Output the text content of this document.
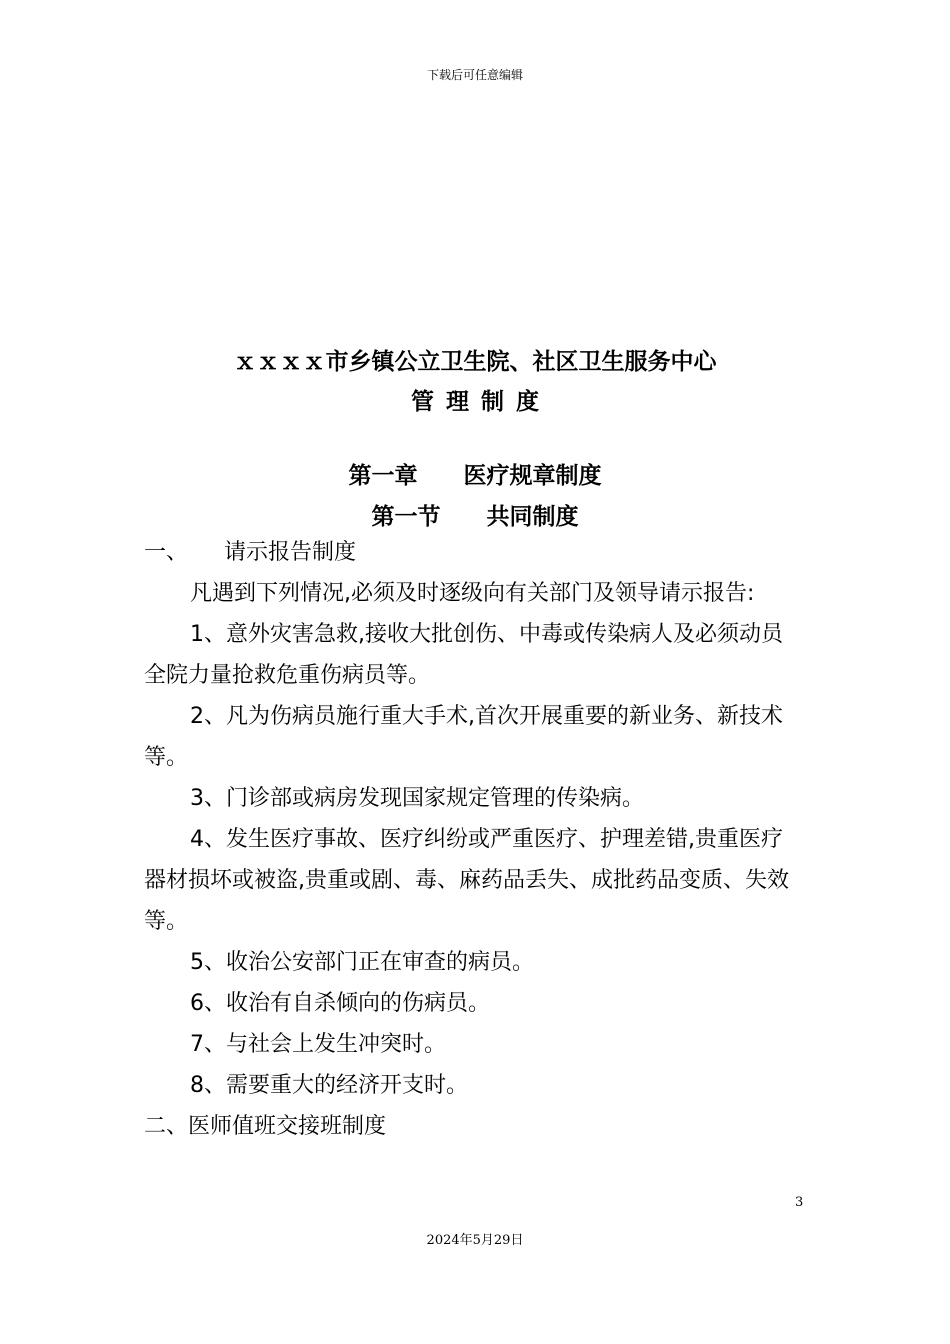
下载后可任意编辑
ｘｘｘｘ市乡镇公立卫生院、社区卫生服务中心
管理制度
第一章 医疗规章制度
第一节 共同制度

一、 请示报告制度

凡遇到下列情况,必须及时逐级向有关部门及领导请示报告:

1、意外灾害急救,接收大批创伤、中毒或传染病人及必须动员全院力量抢救危重伤病员等。

2、凡为伤病员施行重大手术,首次开展重要的新业务、新技术等。

3、门诊部或病房发现国家规定管理的传染病。

4、发生医疗事故、医疗纠纷或严重医疗、护理差错,贵重医疗器材损坏或被盗,贵重或剧、毒、麻药品丢失、成批药品变质、失效等。

5、收治公安部门正在审查的病员。

6、收治有自杀倾向的伤病员。

7、与社会上发生冲突时。

8、需要重大的经济开支时。

二、医师值班交接班制度

3
2024年5月29日
